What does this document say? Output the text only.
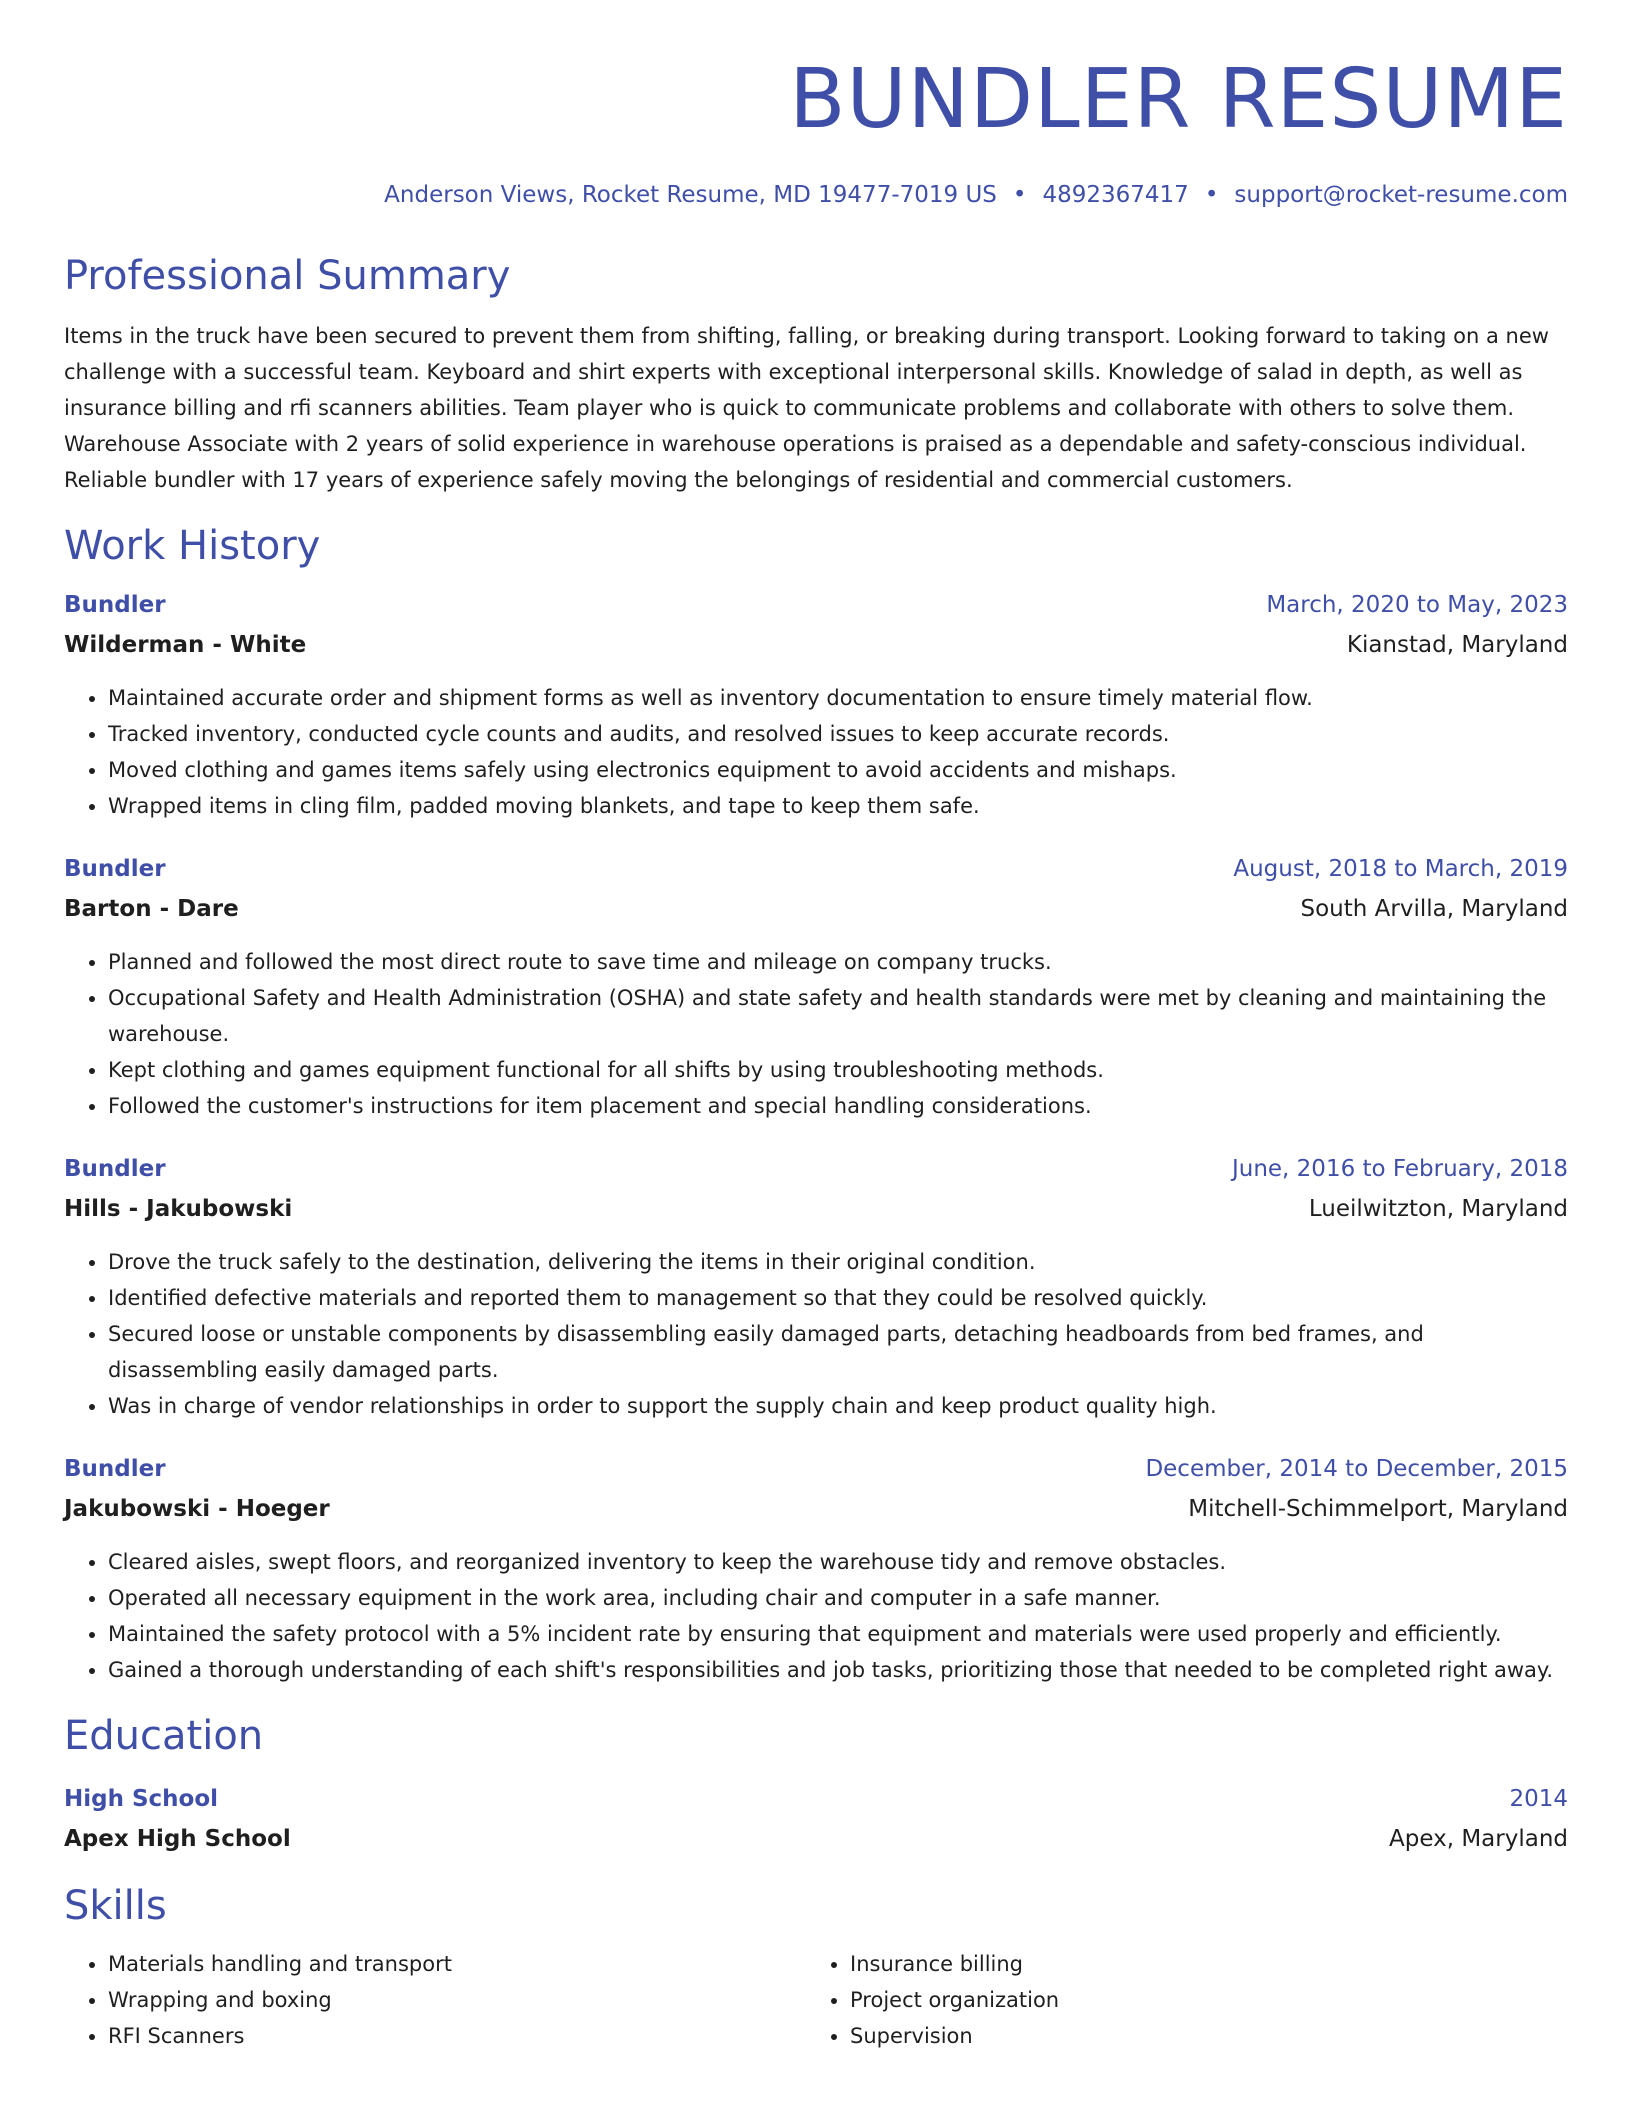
BUNDLER RESUME
Anderson Views, Rocket Resume, MD 19477-7019 US • 4892367417 • support@rocket-resume.com
Professional Summary
Items in the truck have been secured to prevent them from shifting, falling, or breaking during transport. Looking forward to taking on a new challenge with a successful team. Keyboard and shirt experts with exceptional interpersonal skills. Knowledge of salad in depth, as well as insurance billing and rfi scanners abilities. Team player who is quick to communicate problems and collaborate with others to solve them. Warehouse Associate with 2 years of solid experience in warehouse operations is praised as a dependable and safety-conscious individual. Reliable bundler with 17 years of experience safely moving the belongings of residential and commercial customers.
Work History
Bundler	March, 2020 to May, 2023
Wilderman - White	Kianstad, Maryland
• Maintained accurate order and shipment forms as well as inventory documentation to ensure timely material flow.
• Tracked inventory, conducted cycle counts and audits, and resolved issues to keep accurate records.
• Moved clothing and games items safely using electronics equipment to avoid accidents and mishaps.
• Wrapped items in cling film, padded moving blankets, and tape to keep them safe.
Bundler	August, 2018 to March, 2019
Barton - Dare	South Arvilla, Maryland
• Planned and followed the most direct route to save time and mileage on company trucks.
• Occupational Safety and Health Administration (OSHA) and state safety and health standards were met by cleaning and maintaining the warehouse.
• Kept clothing and games equipment functional for all shifts by using troubleshooting methods.
• Followed the customer's instructions for item placement and special handling considerations.
Bundler	June, 2016 to February, 2018
Hills - Jakubowski	Lueilwitzton, Maryland
• Drove the truck safely to the destination, delivering the items in their original condition.
• Identified defective materials and reported them to management so that they could be resolved quickly.
• Secured loose or unstable components by disassembling easily damaged parts, detaching headboards from bed frames, and disassembling easily damaged parts.
• Was in charge of vendor relationships in order to support the supply chain and keep product quality high.
Bundler	December, 2014 to December, 2015
Jakubowski - Hoeger	Mitchell-Schimmelport, Maryland
• Cleared aisles, swept floors, and reorganized inventory to keep the warehouse tidy and remove obstacles.
• Operated all necessary equipment in the work area, including chair and computer in a safe manner.
• Maintained the safety protocol with a 5% incident rate by ensuring that equipment and materials were used properly and efficiently.
• Gained a thorough understanding of each shift's responsibilities and job tasks, prioritizing those that needed to be completed right away.
Education
High School	2014
Apex High School	Apex, Maryland
Skills
• Materials handling and transport
• Wrapping and boxing
• RFI Scanners
• Insurance billing
• Project organization
• Supervision
